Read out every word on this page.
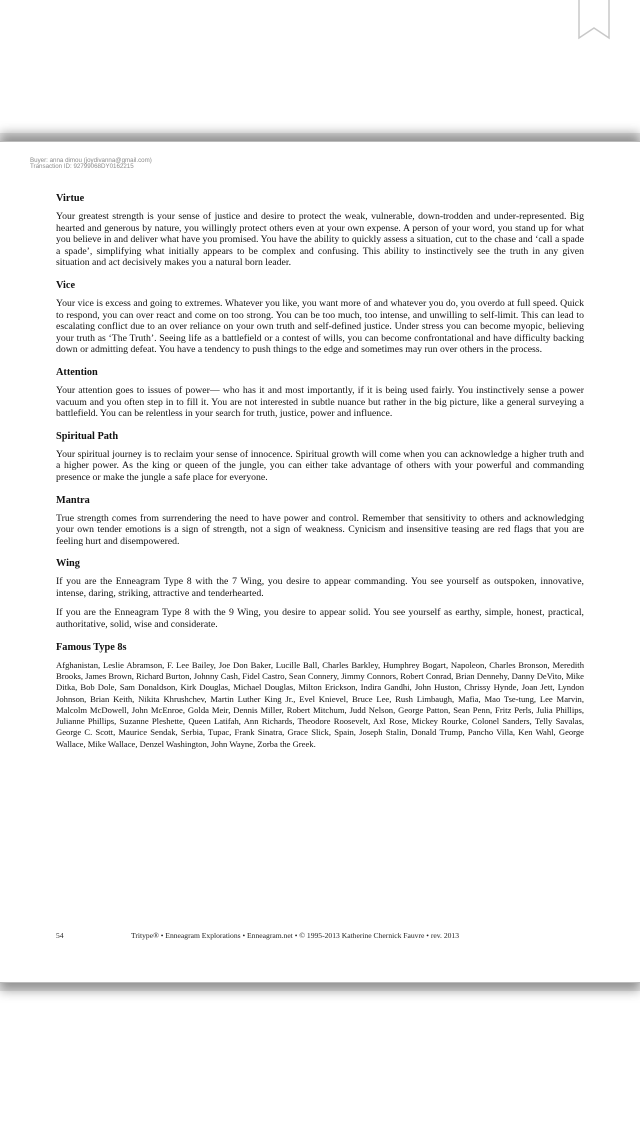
Buyer: anna dimou (joydivanna@gmail.com)
Transaction ID: 92799068DY0162215
Virtue

Your greatest strength is your sense of justice and desire to protect the weak, vulnerable, down-trodden and under-represented. Big hearted and generous by nature, you willingly protect others even at your own expense. A person of your word, you stand up for what you believe in and deliver what have you promised. You have the ability to quickly assess a situation, cut to the chase and ‘call a spade a spade’, simplifying what initially appears to be complex and confusing. This ability to instinctively see the truth in any given situation and act decisively makes you a natural born leader.

Vice

Your vice is excess and going to extremes. Whatever you like, you want more of and whatever you do, you overdo at full speed. Quick to respond, you can over react and come on too strong. You can be too much, too intense, and unwilling to self-limit. This can lead to escalating conflict due to an over reliance on your own truth and self-defined justice. Under stress you can become myopic, believing your truth as ‘The Truth’. Seeing life as a battlefield or a contest of wills, you can become confrontational and have difficulty backing down or admitting defeat. You have a tendency to push things to the edge and sometimes may run over others in the process.

Attention

Your attention goes to issues of power— who has it and most importantly, if it is being used fairly. You instinctively sense a power vacuum and you often step in to fill it. You are not interested in subtle nuance but rather in the big picture, like a general surveying a battlefield. You can be relentless in your search for truth, justice, power and influence.

Spiritual Path

Your spiritual journey is to reclaim your sense of innocence. Spiritual growth will come when you can acknowledge a higher truth and a higher power. As the king or queen of the jungle, you can either take advantage of others with your powerful and commanding presence or make the jungle a safe place for everyone.

Mantra

True strength comes from surrendering the need to have power and control. Remember that sensitivity to others and acknowledging your own tender emotions is a sign of strength, not a sign of weakness. Cynicism and insensitive teasing are red flags that you are feeling hurt and disempowered.

Wing

If you are the Enneagram Type 8 with the 7 Wing, you desire to appear commanding. You see yourself as outspoken, innovative, intense, daring, striking, attractive and tenderhearted.

If you are the Enneagram Type 8 with the 9 Wing, you desire to appear solid. You see yourself as earthy, simple, honest, practical, authoritative, solid, wise and considerate.

Famous Type 8s

Afghanistan, Leslie Abramson, F. Lee Bailey, Joe Don Baker, Lucille Ball, Charles Barkley, Humphrey Bogart, Napoleon, Charles Bronson, Meredith Brooks, James Brown, Richard Burton, Johnny Cash, Fidel Castro, Sean Connery, Jimmy Connors, Robert Conrad, Brian Dennehy, Danny DeVito, Mike Ditka, Bob Dole, Sam Donaldson, Kirk Douglas, Michael Douglas, Milton Erickson, Indira Gandhi, John Huston, Chrissy Hynde, Joan Jett, Lyndon Johnson, Brian Keith, Nikita Khrushchev, Martin Luther King Jr., Evel Knievel, Bruce Lee, Rush Limbaugh, Mafia, Mao Tse-tung, Lee Marvin, Malcolm McDowell, John McEnroe, Golda Meir, Dennis Miller, Robert Mitchum, Judd Nelson, George Patton, Sean Penn, Fritz Perls, Julia Phillips, Julianne Phillips, Suzanne Pleshette, Queen Latifah, Ann Richards, Theodore Roosevelt, Axl Rose, Mickey Rourke, Colonel Sanders, Telly Savalas, George C. Scott, Maurice Sendak, Serbia, Tupac, Frank Sinatra, Grace Slick, Spain, Joseph Stalin, Donald Trump, Pancho Villa, Ken Wahl, George Wallace, Mike Wallace, Denzel Washington, John Wayne, Zorba the Greek.

54	Tritype® • Enneagram Explorations • Enneagram.net • © 1995-2013 Katherine Chernick Fauvre • rev. 2013
